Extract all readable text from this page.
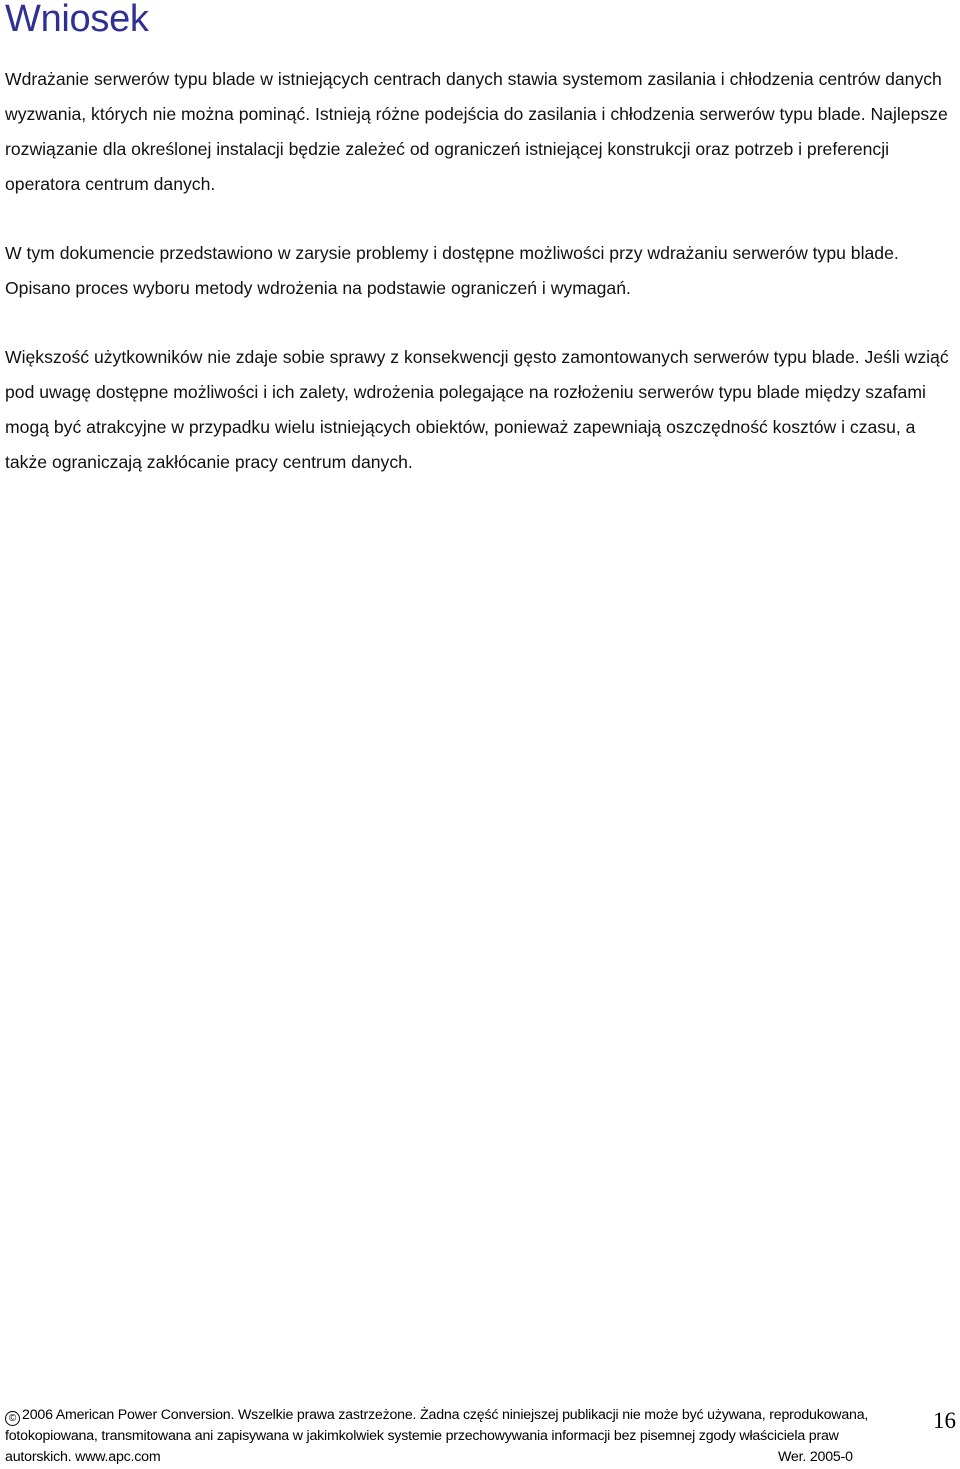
Wniosek

Wdrażanie serwerów typu blade w istniejących centrach danych stawia systemom zasilania i chłodzenia centrów danych wyzwania, których nie można pominąć. Istnieją różne podejścia do zasilania i chłodzenia serwerów typu blade. Najlepsze rozwiązanie dla określonej instalacji będzie zależeć od ograniczeń istniejącej konstrukcji oraz potrzeb i preferencji operatora centrum danych.

W tym dokumencie przedstawiono w zarysie problemy i dostępne możliwości przy wdrażaniu serwerów typu blade. Opisano proces wyboru metody wdrożenia na podstawie ograniczeń i wymagań.

Większość użytkowników nie zdaje sobie sprawy z konsekwencji gęsto zamontowanych serwerów typu blade. Jeśli wziąć pod uwagę dostępne możliwości i ich zalety, wdrożenia polegające na rozłożeniu serwerów typu blade między szafami mogą być atrakcyjne w przypadku wielu istniejących obiektów, ponieważ zapewniają oszczędność kosztów i czasu, a także ograniczają zakłócanie pracy centrum danych.

© 2006 American Power Conversion. Wszelkie prawa zastrzeżone. Żadna część niniejszej publikacji nie może być używana, reprodukowana,
fotokopiowana, transmitowana ani zapisywana w jakimkolwiek systemie przechowywania informacji bez pisemnej zgody właściciela praw
autorskich. www.apc.com	Wer. 2005-0
16
